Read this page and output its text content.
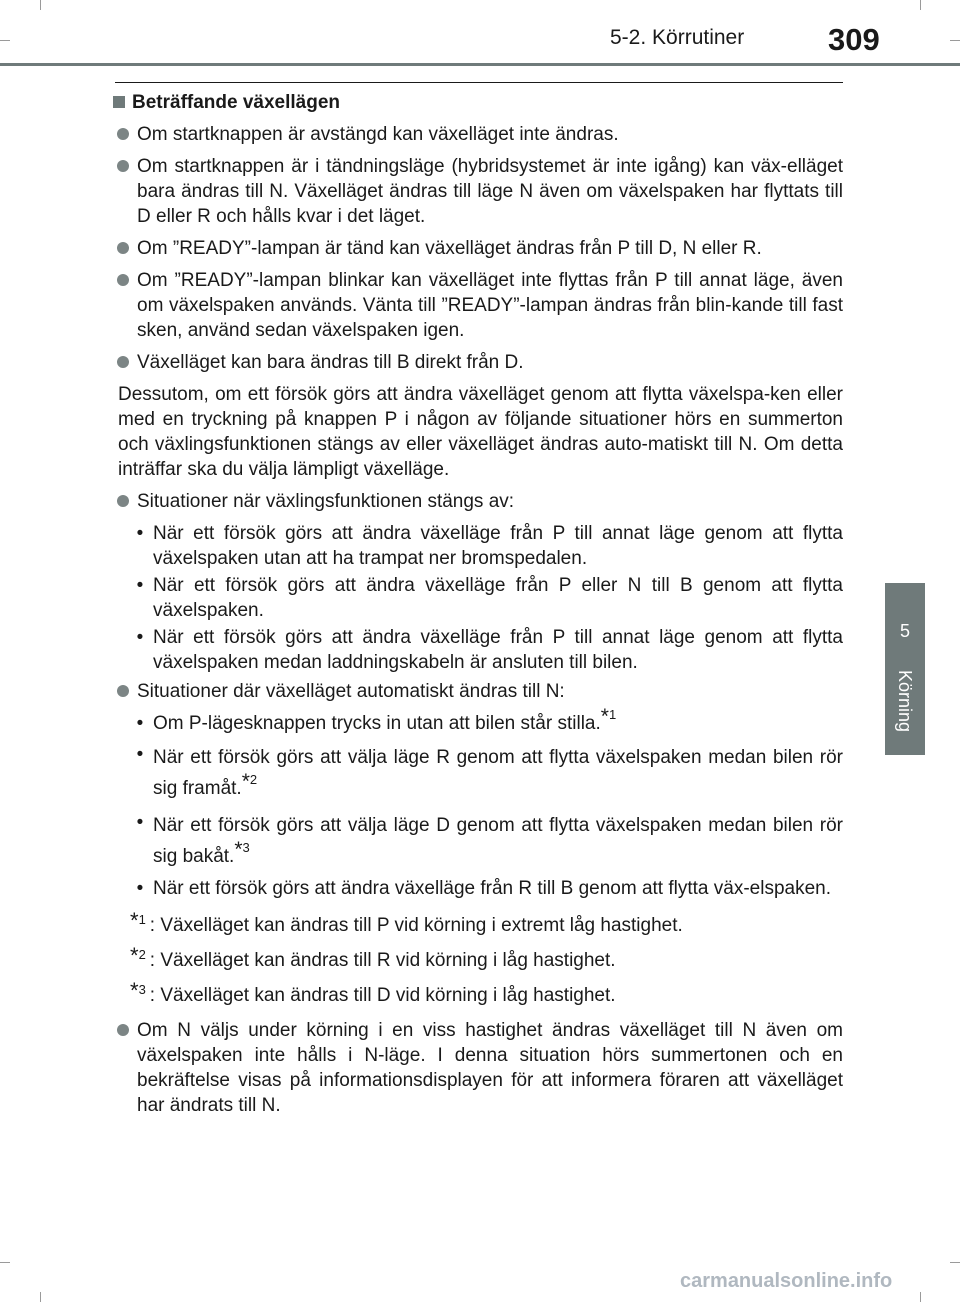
5-2. Körrutiner	309
5
Körning
Beträffande växellägen
Om startknappen är avstängd kan växelläget inte ändras.
Om startknappen är i tändningsläge (hybridsystemet är inte igång) kan väx-elläget bara ändras till N. Växelläget ändras till läge N även om växelspaken har flyttats till D eller R och hålls kvar i det läget.
Om ”READY”-lampan är tänd kan växelläget ändras från P till D, N eller R.
Om ”READY”-lampan blinkar kan växelläget inte flyttas från P till annat läge, även om växelspaken används. Vänta till ”READY”-lampan ändras från blin-kande till fast sken, använd sedan växelspaken igen.
Växelläget kan bara ändras till B direkt från D.
Dessutom, om ett försök görs att ändra växelläget genom att flytta växelspa-ken eller med en tryckning på knappen P i någon av följande situationer hörs en summerton och växlingsfunktionen stängs av eller växelläget ändras auto-matiskt till N. Om detta inträffar ska du välja lämpligt växelläge.
Situationer när växlingsfunktionen stängs av:
• När ett försök görs att ändra växelläge från P till annat läge genom att flytta växelspaken utan att ha trampat ner bromspedalen.
• När ett försök görs att ändra växelläge från P eller N till B genom att flytta växelspaken.
• När ett försök görs att ändra växelläge från P till annat läge genom att flytta växelspaken medan laddningskabeln är ansluten till bilen.
Situationer där växelläget automatiskt ändras till N:
• Om P-lägesknappen trycks in utan att bilen står stilla.$^{*1}$
• När ett försök görs att välja läge R genom att flytta växelspaken medan bilen rör sig framåt.$^{*2}$
• När ett försök görs att välja läge D genom att flytta växelspaken medan bilen rör sig bakåt.$^{*3}$
• När ett försök görs att ändra växelläge från R till B genom att flytta väx-elspaken.
$^{*1}$ : Växelläget kan ändras till P vid körning i extremt låg hastighet.
$^{*2}$ : Växelläget kan ändras till R vid körning i låg hastighet.
$^{*3}$ : Växelläget kan ändras till D vid körning i låg hastighet.
Om N väljs under körning i en viss hastighet ändras växelläget till N även om växelspaken inte hålls i N-läge. I denna situation hörs summertonen och en bekräftelse visas på informationsdisplayen för att informera föraren att växelläget har ändrats till N.
carmanualsonline.info
